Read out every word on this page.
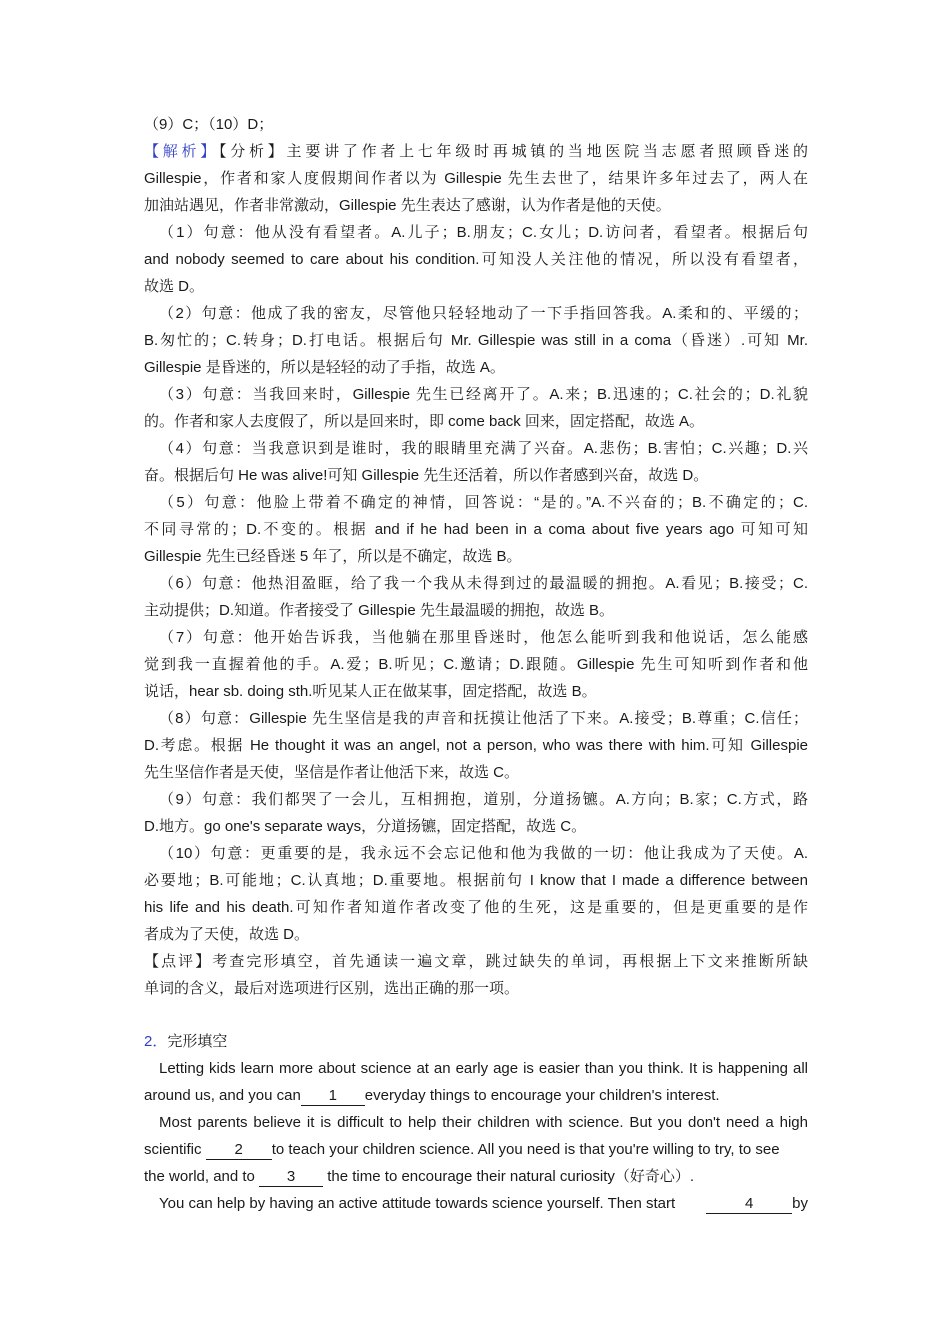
（9）C；（10）D；
【解析】【分析】主要讲了作者上七年级时再城镇的当地医院当志愿者照顾昏迷的
Gillespie，作者和家人度假期间作者以为 Gillespie 先生去世了，结果许多年过去了，两人在
加油站遇见，作者非常激动，Gillespie 先生表达了感谢，认为作者是他的天使。
（1）句意：他从没有看望者。A.儿子；B.朋友；C.女儿；D.访问者，看望者。根据后句
and nobody seemed to care about his condition.可知没人关注他的情况，所以没有看望者，
故选 D。
（2）句意：他成了我的密友，尽管他只轻轻地动了一下手指回答我。A.柔和的、平缓的；
B.匆忙的；C.转身；D.打电话。根据后句 Mr. Gillespie was still in a coma（昏迷）.可知 Mr.
Gillespie 是昏迷的，所以是轻轻的动了手指，故选 A。
（3）句意：当我回来时，Gillespie 先生已经离开了。A.来；B.迅速的；C.社会的；D.礼貌
的。作者和家人去度假了，所以是回来时，即 come back 回来，固定搭配，故选 A。
（4）句意：当我意识到是谁时，我的眼睛里充满了兴奋。A.悲伤；B.害怕；C.兴趣；D.兴
奋。根据后句 He was alive!可知 Gillespie 先生还活着，所以作者感到兴奋，故选 D。
（5）句意：他脸上带着不确定的神情，回答说：“是的。”A.不兴奋的；B.不确定的；C.
不同寻常的；D.不变的。根据 and if he had been in a coma about five years ago 可知可知
Gillespie 先生已经昏迷 5 年了，所以是不确定，故选 B。
（6）句意：他热泪盈眶，给了我一个我从未得到过的最温暖的拥抱。A.看见；B.接受；C.
主动提供；D.知道。作者接受了 Gillespie 先生最温暖的拥抱，故选 B。
（7）句意：他开始告诉我，当他躺在那里昏迷时，他怎么能听到我和他说话，怎么能感
觉到我一直握着他的手。A.爱；B.听见；C.邀请；D.跟随。Gillespie 先生可知听到作者和他
说话，hear sb. doing sth.听见某人正在做某事，固定搭配，故选 B。
（8）句意：Gillespie 先生坚信是我的声音和抚摸让他活了下来。A.接受；B.尊重；C.信任；
D.考虑。根据 He thought it was an angel, not a person, who was there with him.可知 Gillespie
先生坚信作者是天使，坚信是作者让他活下来，故选 C。
（9）句意：我们都哭了一会儿，互相拥抱，道别，分道扬镳。A.方向；B.家；C.方式，路
D.地方。go one's separate ways，分道扬镳，固定搭配，故选 C。
（10）句意：更重要的是，我永远不会忘记他和他为我做的一切：他让我成为了天使。A.
必要地；B.可能地；C.认真地；D.重要地。根据前句 I know that I made a difference between
his life and his death.可知作者知道作者改变了他的生死，这是重要的，但是更重要的是作
者成为了天使，故选 D。
【点评】考查完形填空，首先通读一遍文章，跳过缺失的单词，再根据上下文来推断所缺
单词的含义，最后对选项进行区别，选出正确的那一项。
2．完形填空
Letting kids learn more about science at an early age is easier than you think. It is happening all
around us, and you can 1 everyday things to encourage your children's interest.
Most parents believe it is difficult to help their children with science. But you don't need a high
scientific 2 to teach your children science. All you need is that you're willing to try, to see
the world, and to 3 the time to encourage their natural curiosity（好奇心）.
You can help by having an active attitude towards science yourself. Then start	4	by
